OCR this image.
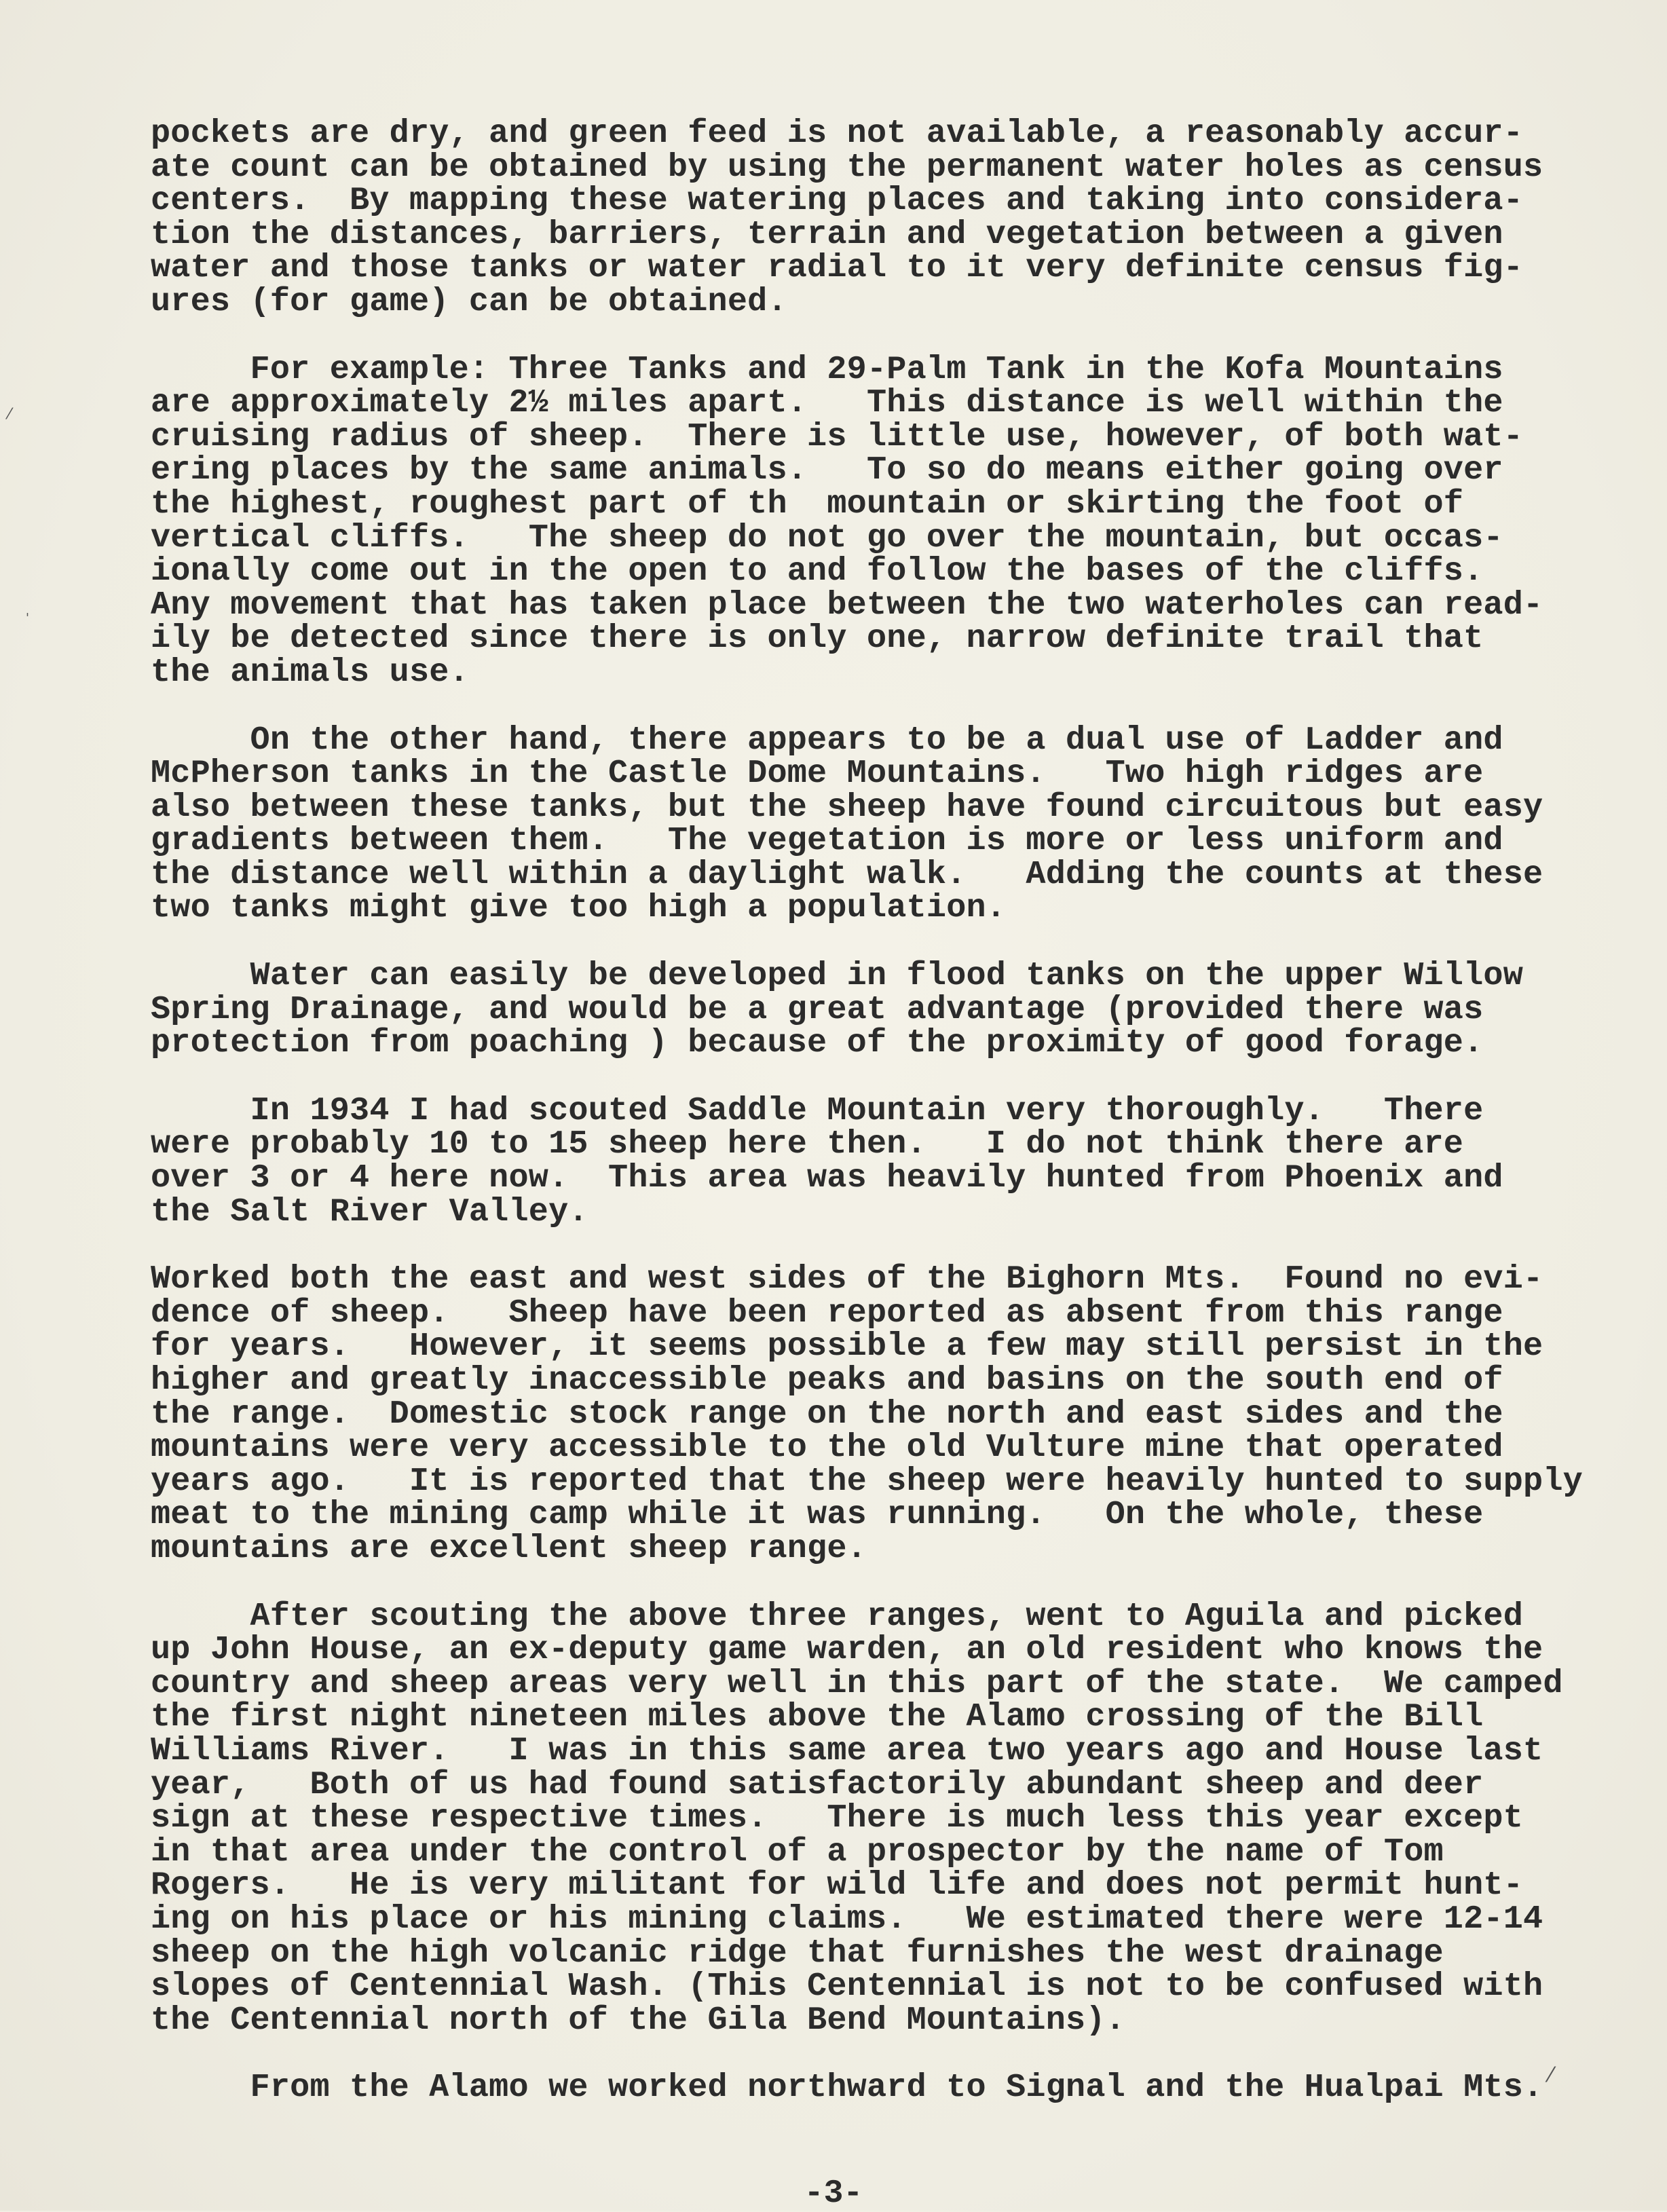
⁄
'
⁄
pockets are dry, and green feed is not available, a reasonably accur-
ate count can be obtained by using the permanent water holes as census
centers.  By mapping these watering places and taking into considera-
tion the distances, barriers, terrain and vegetation between a given
water and those tanks or water radial to it very definite census fig-
ures (for game) can be obtained.
For example: Three Tanks and 29-Palm Tank in the Kofa Mountains
are approximately 2½ miles apart.   This distance is well within the
cruising radius of sheep.  There is little use, however, of both wat-
ering places by the same animals.   To so do means either going over
the highest, roughest part of th  mountain or skirting the foot of
vertical cliffs.   The sheep do not go over the mountain, but occas-
ionally come out in the open to and follow the bases of the cliffs.
Any movement that has taken place between the two waterholes can read-
ily be detected since there is only one, narrow definite trail that
the animals use.
On the other hand, there appears to be a dual use of Ladder and
McPherson tanks in the Castle Dome Mountains.   Two high ridges are
also between these tanks, but the sheep have found circuitous but easy
gradients between them.   The vegetation is more or less uniform and
the distance well within a daylight walk.   Adding the counts at these
two tanks might give too high a population.
Water can easily be developed in flood tanks on the upper Willow
Spring Drainage, and would be a great advantage (provided there was
protection from poaching ) because of the proximity of good forage.
In 1934 I had scouted Saddle Mountain very thoroughly.   There
were probably 10 to 15 sheep here then.   I do not think there are
over 3 or 4 here now.  This area was heavily hunted from Phoenix and
the Salt River Valley.
Worked both the east and west sides of the Bighorn Mts.  Found no evi-
dence of sheep.   Sheep have been reported as absent from this range
for years.   However, it seems possible a few may still persist in the
higher and greatly inaccessible peaks and basins on the south end of
the range.  Domestic stock range on the north and east sides and the
mountains were very accessible to the old Vulture mine that operated
years ago.   It is reported that the sheep were heavily hunted to supply
meat to the mining camp while it was running.   On the whole, these
mountains are excellent sheep range.
After scouting the above three ranges, went to Aguila and picked
up John House, an ex-deputy game warden, an old resident who knows the
country and sheep areas very well in this part of the state.  We camped
the first night nineteen miles above the Alamo crossing of the Bill
Williams River.   I was in this same area two years ago and House last
year,   Both of us had found satisfactorily abundant sheep and deer
sign at these respective times.   There is much less this year except
in that area under the control of a prospector by the name of Tom
Rogers.   He is very militant for wild life and does not permit hunt-
ing on his place or his mining claims.   We estimated there were 12-14
sheep on the high volcanic ridge that furnishes the west drainage
slopes of Centennial Wash. (This Centennial is not to be confused with
the Centennial north of the Gila Bend Mountains).
From the Alamo we worked northward to Signal and the Hualpai Mts.
-3-
